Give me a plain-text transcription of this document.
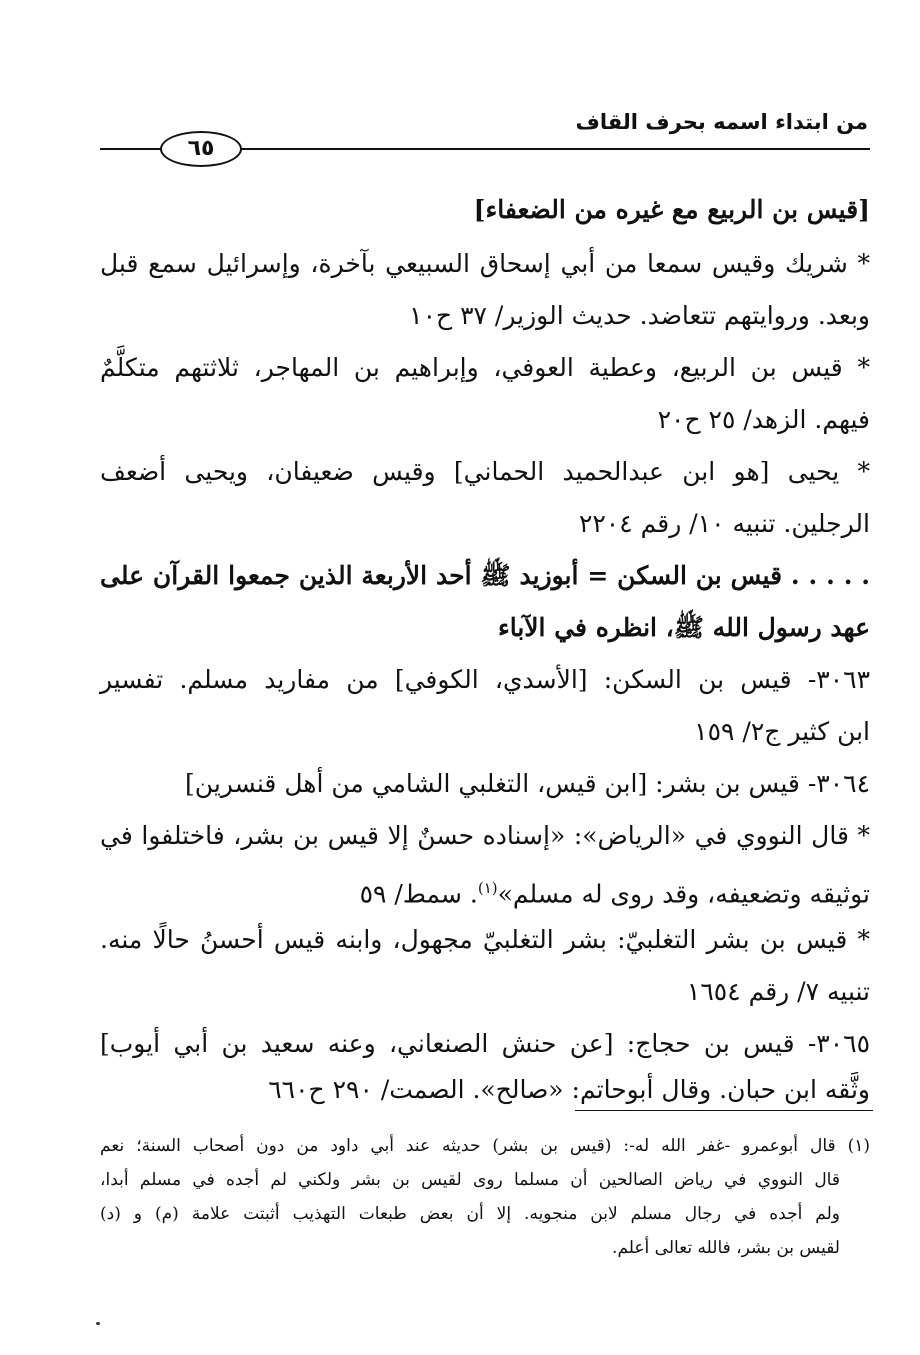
من ابتداء اسمه بحرف القاف
٦٥
[قيس بن الربيع مع غيره من الضعفاء]
* شريك وقيس سمعا من أبي إسحاق السبيعي بآخرة، وإسرائيل سمع قبل
وبعد. وروايتهم تتعاضد. حديث الوزير/ ٣٧ ح١٠
* قيس بن الربيع، وعطية العوفي، وإبراهيم بن المهاجر، ثلاثتهم متكلَّمٌ
فيهم. الزهد/ ٢٥ ح٢٠
* يحيى [هو ابن عبدالحميد الحماني] وقيس ضعيفان، ويحيى أضعف
الرجلين. تنبيه ١٠/ رقم ٢٢٠٤
. . . . . قيس بن السكن = أبوزيد ﷺ أحد الأربعة الذين جمعوا القرآن على
عهد رسول الله ﷺ، انظره في الآباء
٣٠٦٣- قيس بن السكن: [الأسدي، الكوفي] من مفاريد مسلم. تفسير
ابن كثير ج٢/ ١٥٩
٣٠٦٤- قيس بن بشر: [ابن قيس، التغلبي الشامي من أهل قنسرين]
* قال النووي في «الرياض»: «إسناده حسنٌ إلا قيس بن بشر، فاختلفوا في
توثيقه وتضعيفه، وقد روى له مسلم»$^{(١)}$. سمط/ ٥٩
* قيس بن بشر التغلبيّ: بشر التغلبيّ مجهول، وابنه قيس أحسنُ حالًا منه.
تنبيه ٧/ رقم ١٦٥٤
٣٠٦٥- قيس بن حجاج: [عن حنش الصنعاني، وعنه سعيد بن أبي أيوب]
وثَّقه ابن حبان. وقال أبوحاتم: «صالح». الصمت/ ٢٩٠ ح٦٦٠
(١) قال أبوعمرو -غفر الله له-: (قيس بن بشر) حديثه عند أبي داود من دون أصحاب السنة؛ نعم
قال النووي في رياض الصالحين أن مسلما روى لقيس بن بشر ولكني لم أجده في مسلم أبدا،
ولم أجده في رجال مسلم لابن منجويه. إلا أن بعض طبعات التهذيب أثبتت علامة (م) و (د)
لقيس بن بشر، فالله تعالى أعلم.
